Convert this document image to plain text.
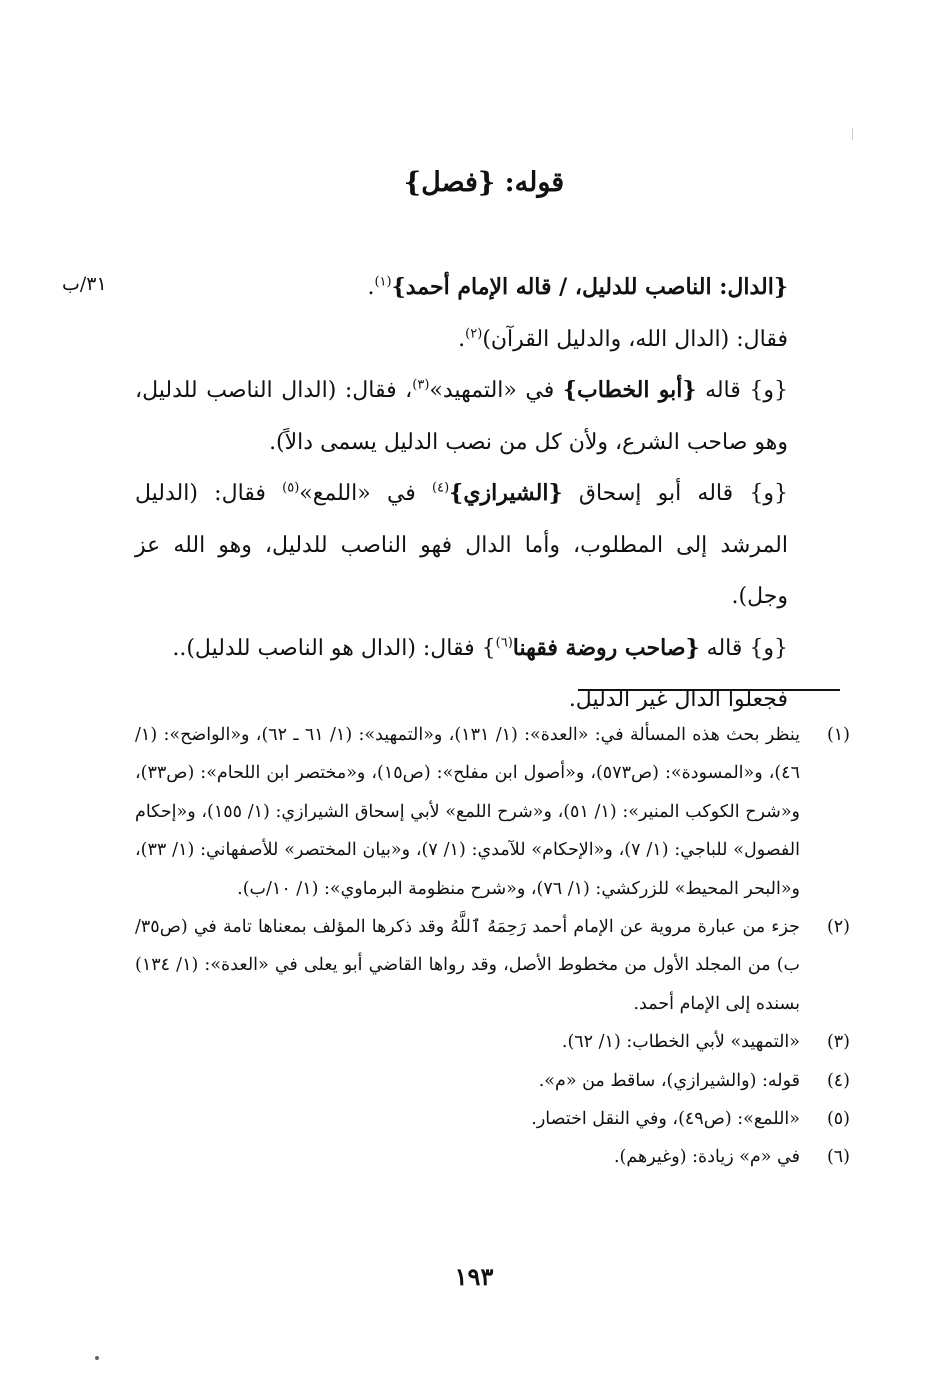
قوله: {فصل}
٣١/ب	{الدال: الناصب للدليل، / قاله الإمام أحمد}$^{(١)}$.

فقال: (الدال الله، والدليل القرآن)$^{(٢)}$.

{و} قاله {أبو الخطاب} في «التمهيد»$^{(٣)}$، فقال: (الدال الناصب للدليل، وهو صاحب الشرع، ولأن كل من نصب الدليل يسمى دالاً).

{و} قاله أبو إسحاق {الشيرازي}$^{(٤)}$ في «اللمع»$^{(٥)}$ فقال: (الدليل المرشد إلى المطلوب، وأما الدال فهو الناصب للدليل، وهو الله عز وجل).

{و} قاله {صاحب روضة فقهنا$^{(٦)}$} فقال: (الدال هو الناصب للدليل)..

فجعلوا الدال غير الدليل.

(١)
ينظر بحث هذه المسألة في: «العدة»: (١/ ١٣١)، و«التمهيد»: (١/ ٦١ ـ ٦٢)، و«الواضح»: (١/ ٤٦)، و«المسودة»: (ص٥٧٣)، و«أصول ابن مفلح»: (ص١٥)، و«مختصر ابن اللحام»: (ص٣٣)، و«شرح الكوكب المنير»: (١/ ٥١)، و«شرح اللمع» لأبي إسحاق الشيرازي: (١/ ١٥٥)، و«إحكام الفصول» للباجي: (١/ ٧)، و«الإحكام» للآمدي: (١/ ٧)، و«بيان المختصر» للأصفهاني: (١/ ٣٣)، و«البحر المحيط» للزركشي: (١/ ٧٦)، و«شرح منظومة البرماوي»: (١/ ١٠/ب).
(٢)
جزء من عبارة مروية عن الإمام أحمد رَحِمَهُ ٱللَّهُ وقد ذكرها المؤلف بمعناها تامة في (ص٣٥/ب) من المجلد الأول من مخطوط الأصل، وقد رواها القاضي أبو يعلى في «العدة»: (١/ ١٣٤) بسنده إلى الإمام أحمد.
(٣)
«التمهيد» لأبي الخطاب: (١/ ٦٢).
(٤)
قوله: (والشيرازي)، ساقط من «م».
(٥)
«اللمع»: (ص٤٩)، وفي النقل اختصار.
(٦)
في «م» زيادة: (وغيرهم).
١٩٣
